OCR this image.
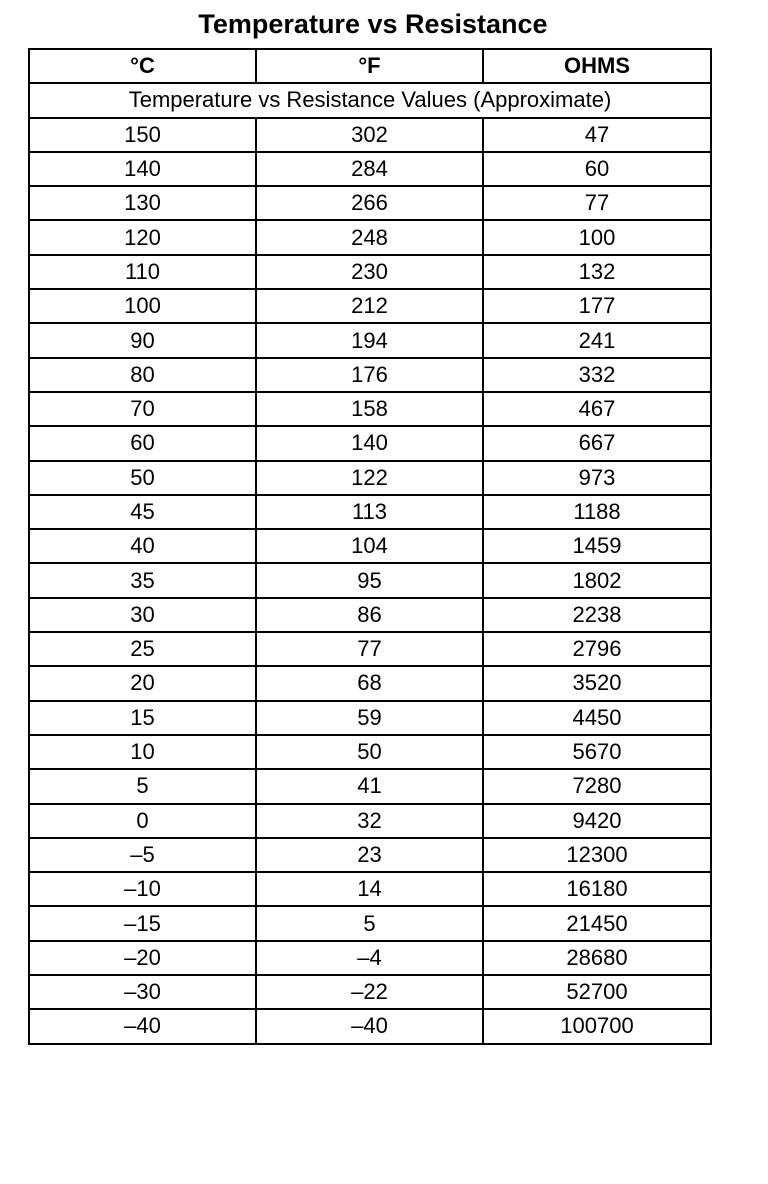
Temperature vs Resistance
°C	°F	OHMS
Temperature vs Resistance Values (Approximate)		
150	302	47
140	284	60
130	266	77
120	248	100
110	230	132
100	212	177
90	194	241
80	176	332
70	158	467
60	140	667
50	122	973
45	113	1188
40	104	1459
35	95	1802
30	86	2238
25	77	2796
20	68	3520
15	59	4450
10	50	5670
5	41	7280
0	32	9420
–5	23	12300
–10	14	16180
–15	5	21450
–20	–4	28680
–30	–22	52700
–40	–40	100700
